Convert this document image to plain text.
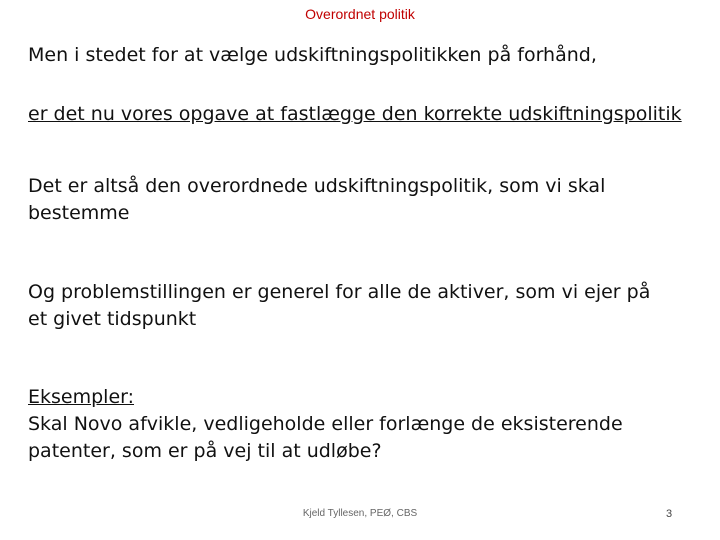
Overordnet politik
Men i stedet for at vælge udskiftningspolitikken på forhånd,
er det nu vores opgave at fastlægge den korrekte udskiftningspolitik
Det er altså den overordnede udskiftningspolitik, som vi skal
bestemme
Og problemstillingen er generel for alle de aktiver, som vi ejer på
et givet tidspunkt
Eksempler:
Skal Novo afvikle, vedligeholde eller forlænge de eksisterende
patenter, som er på vej til at udløbe?
Kjeld Tyllesen, PEØ, CBS	3
